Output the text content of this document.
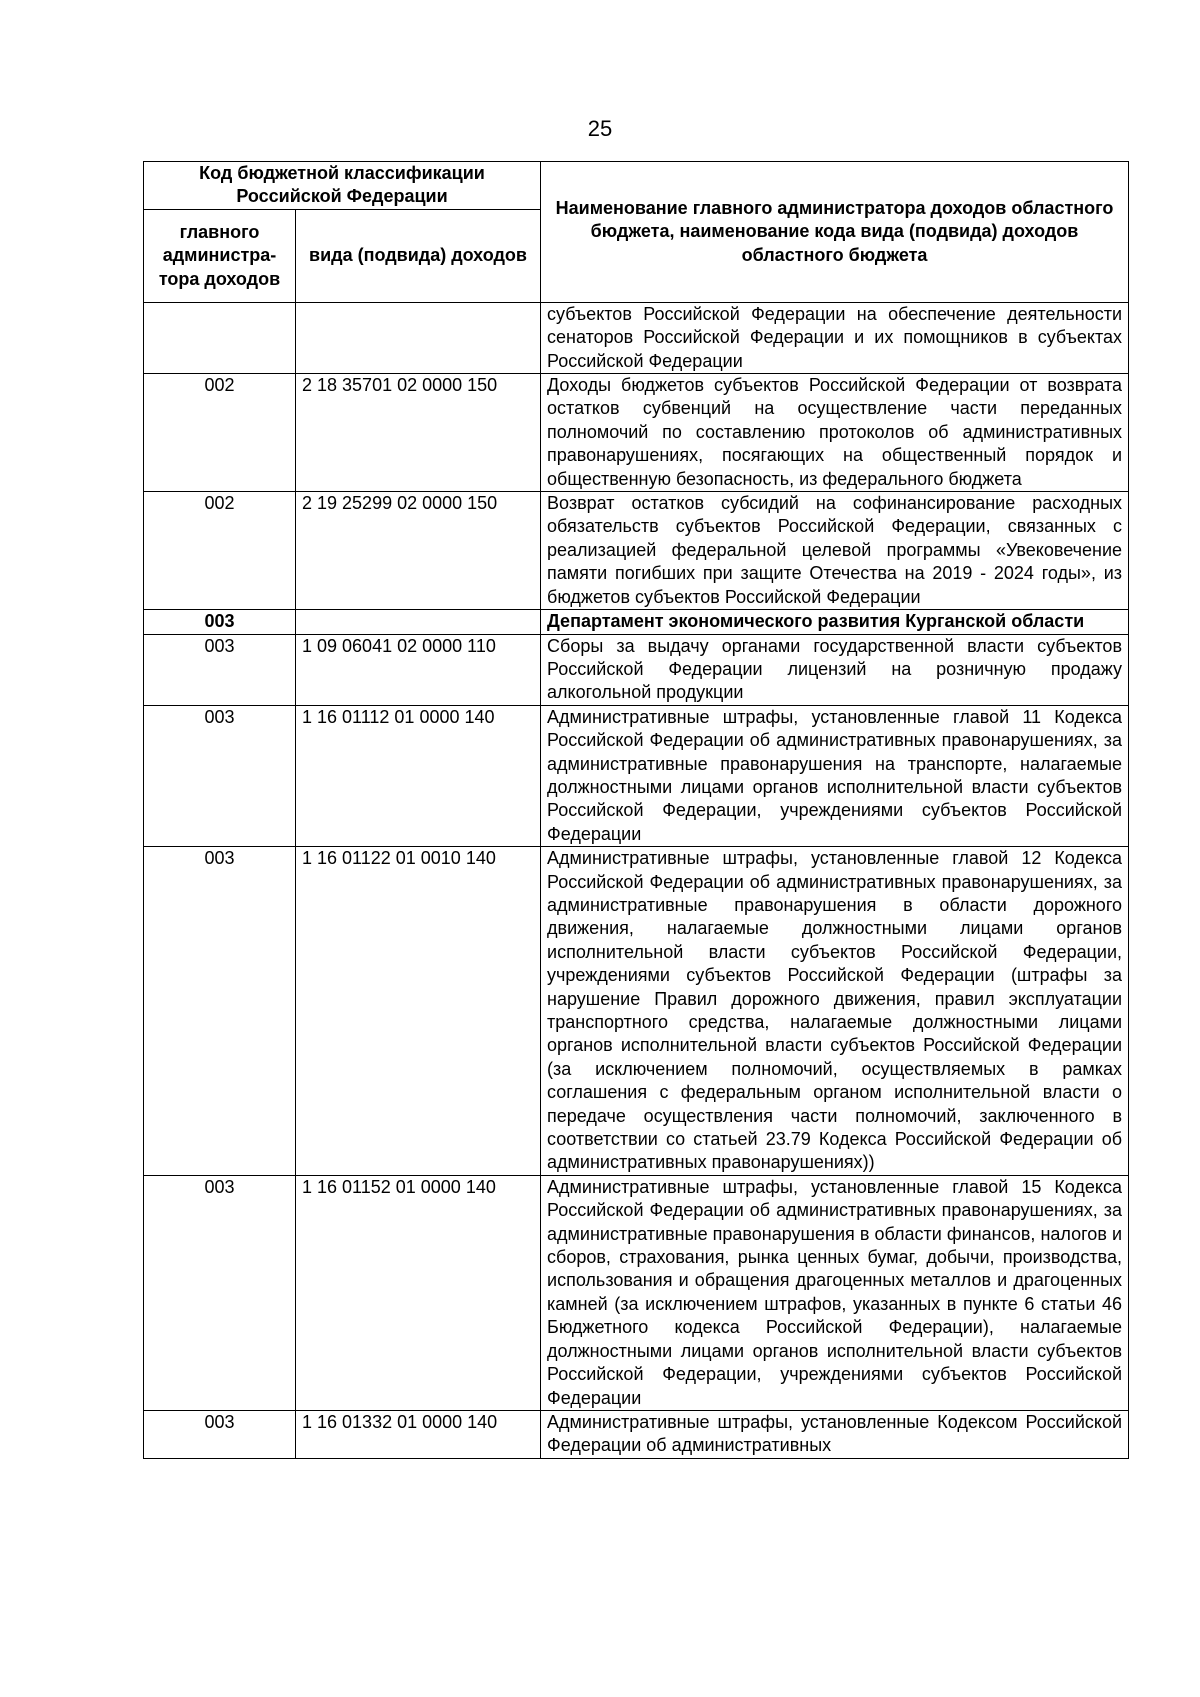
25
Код бюджетной классификации Российской Федерации		Наименование главного администратора доходов областного бюджета, наименование кода вида (подвида) доходов областного бюджета
главного администра-тора доходов	вида (подвида) доходов	
		субъектов Российской Федерации на обеспечение деятельности сенаторов Российской Федерации и их помощников в субъектах Российской Федерации
002	2 18 35701 02 0000 150	Доходы бюджетов субъектов Российской Федерации от возврата остатков субвенций на осуществление части переданных полномочий по составлению протоколов об административных правонарушениях, посягающих на общественный порядок и общественную безопасность, из федерального бюджета
002	2 19 25299 02 0000 150	Возврат остатков субсидий на софинансирование расходных обязательств субъектов Российской Федерации, связанных с реализацией федеральной целевой программы «Увековечение памяти погибших при защите Отечества на 2019 - 2024 годы», из бюджетов субъектов Российской Федерации
003		Департамент экономического развития Курганской области
003	1 09 06041 02 0000 110	Сборы за выдачу органами государственной власти субъектов Российской Федерации лицензий на розничную продажу алкогольной продукции
003	1 16 01112 01 0000 140	Административные штрафы, установленные главой 11 Кодекса Российской Федерации об административных правонарушениях, за административные правонарушения на транспорте, налагаемые должностными лицами органов исполнительной власти субъектов Российской Федерации, учреждениями субъектов Российской Федерации
003	1 16 01122 01 0010 140	Административные штрафы, установленные главой 12 Кодекса Российской Федерации об административных правонарушениях, за административные правонарушения в области дорожного движения, налагаемые должностными лицами органов исполнительной власти субъектов Российской Федерации, учреждениями субъектов Российской Федерации (штрафы за нарушение Правил дорожного движения, правил эксплуатации транспортного средства, налагаемые должностными лицами органов исполнительной власти субъектов Российской Федерации (за исключением полномочий, осуществляемых в рамках соглашения с федеральным органом исполнительной власти о передаче осуществления части полномочий, заключенного в соответствии со статьей 23.79 Кодекса Российской Федерации об административных правонарушениях))
003	1 16 01152 01 0000 140	Административные штрафы, установленные главой 15 Кодекса Российской Федерации об административных правонарушениях, за административные правонарушения в области финансов, налогов и сборов, страхования, рынка ценных бумаг, добычи, производства, использования и обращения драгоценных металлов и драгоценных камней (за исключением штрафов, указанных в пункте 6 статьи 46 Бюджетного кодекса Российской Федерации), налагаемые должностными лицами органов исполнительной власти субъектов Российской Федерации, учреждениями субъектов Российской Федерации
003	1 16 01332 01 0000 140	Административные штрафы, установленные Кодексом Российской Федерации об административных
